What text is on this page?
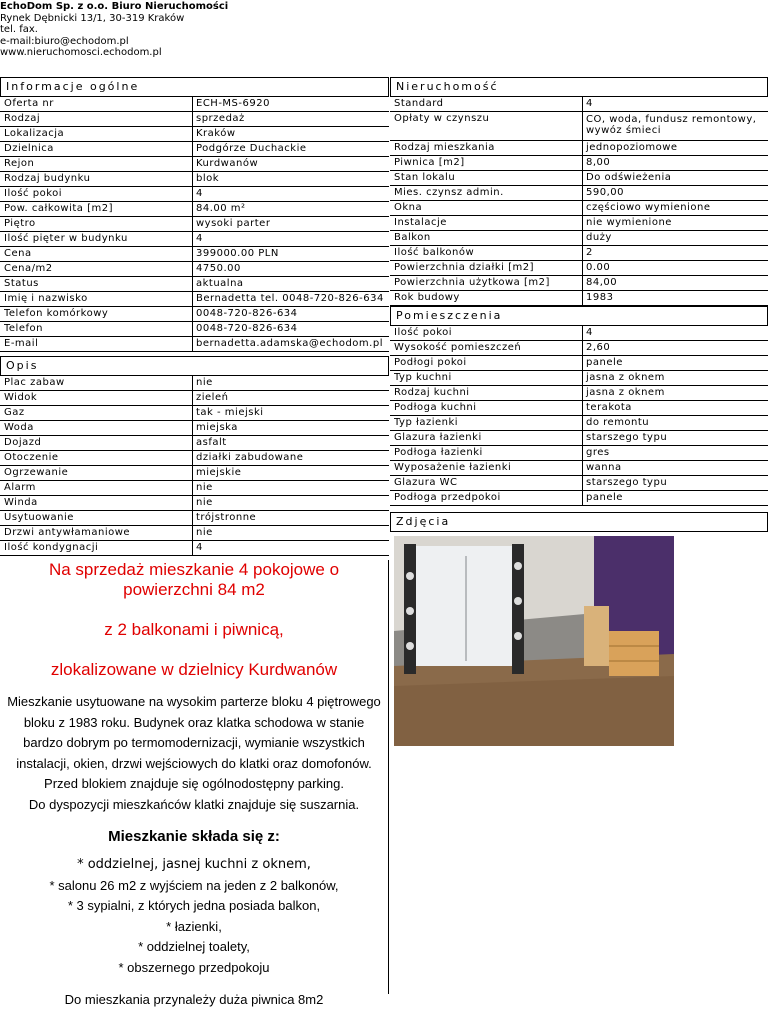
EchoDom Sp. z o.o. Biuro Nieruchomości
Rynek Dębnicki 13/1, 30-319 Kraków
tel. fax.
e-mail:biuro@echodom.pl
www.nieruchomosci.echodom.pl
Informacje ogólne
Oferta nr	ECH-MS-6920
Rodzaj	sprzedaż
Lokalizacja	Kraków
Dzielnica	Podgórze Duchackie
Rejon	Kurdwanów
Rodzaj budynku	blok
Ilość pokoi	4
Pow. całkowita [m2]	84.00 m²
Piętro	wysoki parter
Ilość pięter w budynku	4
Cena	399000.00 PLN
Cena/m2	4750.00
Status	aktualna
Imię i nazwisko	Bernadetta tel. 0048-720-826-634
Telefon komórkowy	0048-720-826-634
Telefon	0048-720-826-634
E-mail	bernadetta.adamska@echodom.pl
Opis
Plac zabaw	nie
Widok	zieleń
Gaz	tak - miejski
Woda	miejska
Dojazd	asfalt
Otoczenie	działki zabudowane
Ogrzewanie	miejskie
Alarm	nie
Winda	nie
Usytuowanie	trójstronne
Drzwi antywłamaniowe	nie
Ilość kondygnacji	4
Nieruchomość
Standard	4
Opłaty w czynszu	CO, woda, fundusz remontowy, wywóz śmieci
Rodzaj mieszkania	jednopoziomowe
Piwnica [m2]	8,00
Stan lokalu	Do odświeżenia
Mies. czynsz admin.	590,00
Okna	częściowo wymienione
Instalacje	nie wymienione
Balkon	duży
Ilość balkonów	2
Powierzchnia działki [m2]	0.00
Powierzchnia użytkowa [m2]	84,00
Rok budowy	1983
Pomieszczenia
Ilość pokoi	4
Wysokość pomieszczeń	2,60
Podłogi pokoi	panele
Typ kuchni	jasna z oknem
Rodzaj kuchni	jasna z oknem
Podłoga kuchni	terakota
Typ łazienki	do remontu
Glazura łazienki	starszego typu
Podłoga łazienki	gres
Wyposażenie łazienki	wanna
Glazura WC	starszego typu
Podłoga przedpokoi	panele
Zdjęcia
Na sprzedaż mieszkanie 4 pokojowe o
powierzchni 84 m2
z 2 balkonami i piwnicą,
zlokalizowane w dzielnicy Kurdwanów
Mieszkanie usytuowane na wysokim parterze bloku 4 piętrowego
bloku z 1983 roku. Budynek oraz klatka schodowa w stanie
bardzo dobrym po termomodernizacji, wymianie wszystkich
instalacji, okien, drzwi wejściowych do klatki oraz domofonów.
Przed blokiem znajduje się ogólnodostępny parking.
Do dyspozycji mieszkańców klatki znajduje się suszarnia.
Mieszkanie składa się z:
* oddzielnej, jasnej kuchni z oknem,
* salonu 26 m2 z wyjściem na jeden z 2 balkonów,
* 3 sypialni, z których jedna posiada balkon,
* łazienki,
* oddzielnej toalety,
* obszernego przedpokoju
Do mieszkania przynależy duża piwnica 8m2
